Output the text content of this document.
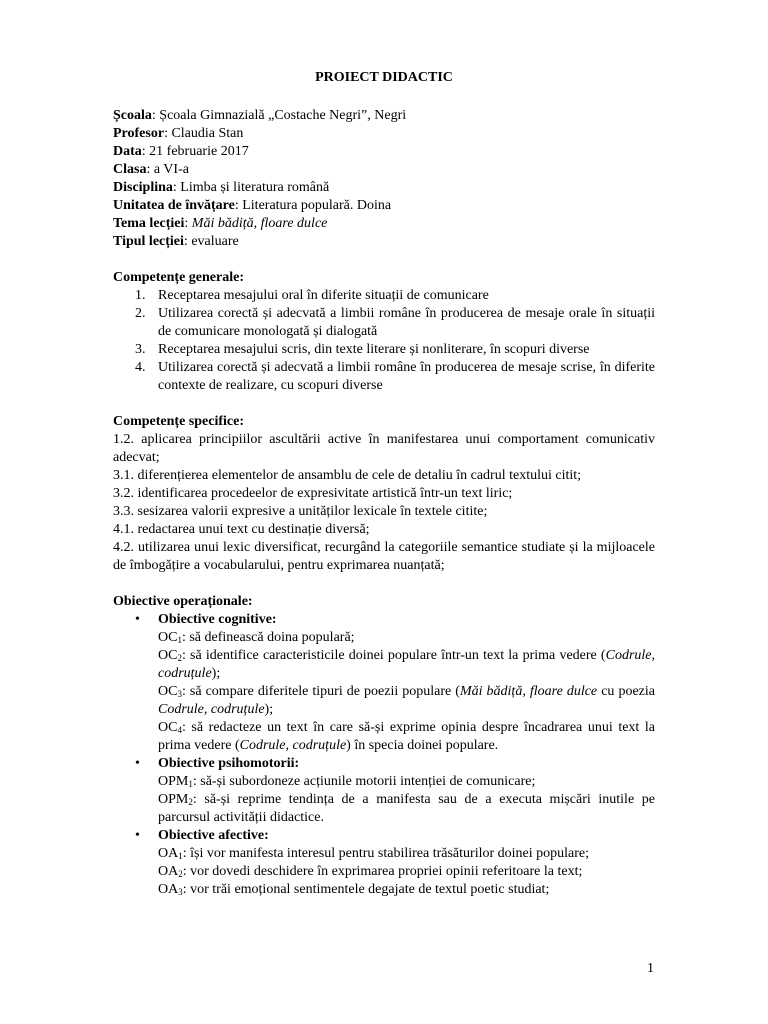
PROIECT DIDACTIC

Școala: Școala Gimnazială „Costache Negri”, Negri

Profesor: Claudia Stan

Data: 21 februarie 2017

Clasa: a VI-a

Disciplina: Limba și literatura română

Unitatea de învățare: Literatura populară. Doina

Tema lecției: Măi bădiță, floare dulce

Tipul lecției: evaluare

Competențe generale:

1. Receptarea mesajului oral în diferite situații de comunicare
2. Utilizarea corectă și adecvată a limbii române în producerea de mesaje orale în situații de comunicare monologată și dialogată
3. Receptarea mesajului scris, din texte literare și nonliterare, în scopuri diverse
4. Utilizarea corectă și adecvată a limbii române în producerea de mesaje scrise, în diferite contexte de realizare, cu scopuri diverse

Competențe specifice:

1.2. aplicarea principiilor ascultării active în manifestarea unui comportament comunicativ adecvat;

3.1. diferențierea elementelor de ansamblu de cele de detaliu în cadrul textului citit;

3.2. identificarea procedeelor de expresivitate artistică într-un text liric;

3.3. sesizarea valorii expresive a unităților lexicale în textele citite;

4.1. redactarea unui text cu destinație diversă;

4.2. utilizarea unui lexic diversificat, recurgând la categoriile semantice studiate și la mijloacele de îmbogățire a vocabularului, pentru exprimarea nuanțată;

Obiective operaționale:

• Obiective cognitive:

$OC_1$: să definească doina populară;

$OC_2$: să identifice caracteristicile doinei populare într-un text la prima vedere (Codrule, codruțule);

$OC_3$: să compare diferitele tipuri de poezii populare (Măi bădiță, floare dulce cu poezia Codrule, codruțule);

$OC_4$: să redacteze un text în care să-și exprime opinia despre încadrarea unui text la prima vedere (Codrule, codruțule) în specia doinei populare.

• Obiective psihomotorii:

$OPM_1$: să-și subordoneze acțiunile motorii intenției de comunicare;

$OPM_2$: să-și reprime tendința de a manifesta sau de a executa mișcări inutile pe parcursul activității didactice.

• Obiective afective:

$OA_1$: își vor manifesta interesul pentru stabilirea trăsăturilor doinei populare;

$OA_2$: vor dovedi deschidere în exprimarea propriei opinii referitoare la text;

$OA_3$: vor trăi emoțional sentimentele degajate de textul poetic studiat;

1
